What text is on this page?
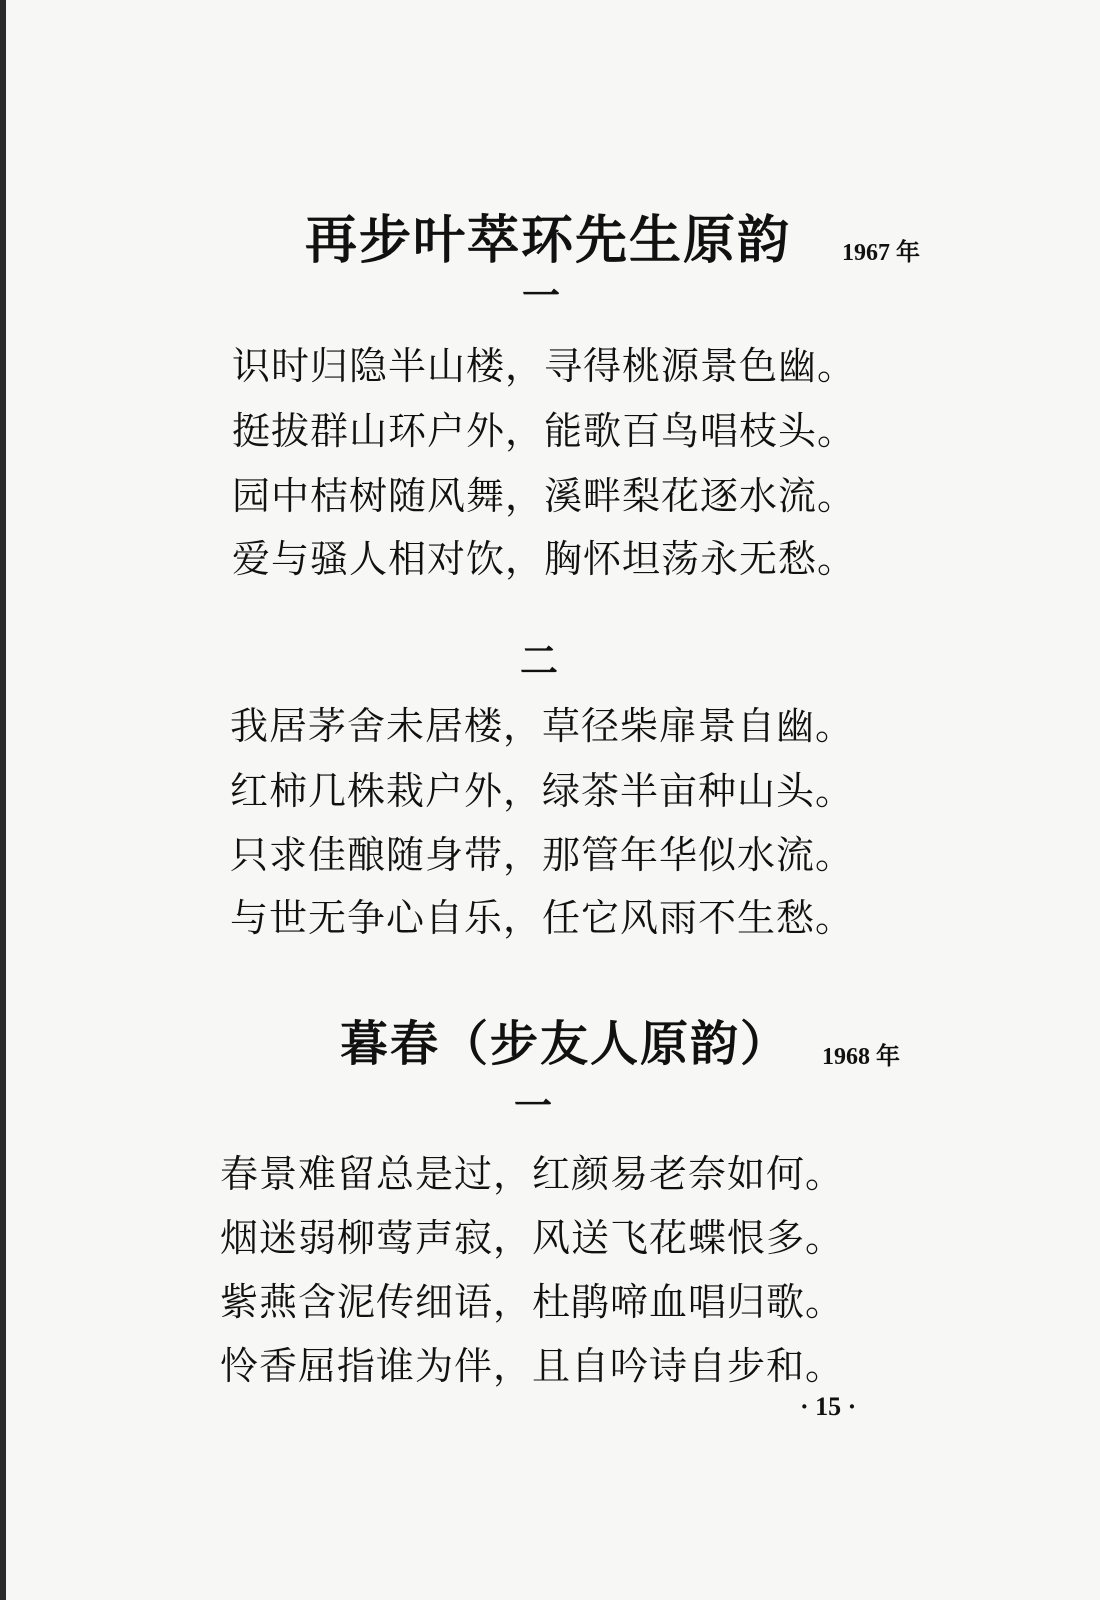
再步叶萃环先生原韵 1967 年
一
识时归隐半山楼，寻得桃源景色幽。
挺拔群山环户外，能歌百鸟唱枝头。
园中桔树随风舞，溪畔梨花逐水流。
爱与骚人相对饮，胸怀坦荡永无愁。
二
我居茅舍未居楼，草径柴扉景自幽。
红柿几株栽户外，绿茶半亩种山头。
只求佳酿随身带，那管年华似水流。
与世无争心自乐，任它风雨不生愁。
暮春（步友人原韵） 1968 年
一
春景难留总是过，红颜易老奈如何。
烟迷弱柳莺声寂，风送飞花蝶恨多。
紫燕含泥传细语，杜鹃啼血唱归歌。
怜香屈指谁为伴，且自吟诗自步和。
· 15 ·
